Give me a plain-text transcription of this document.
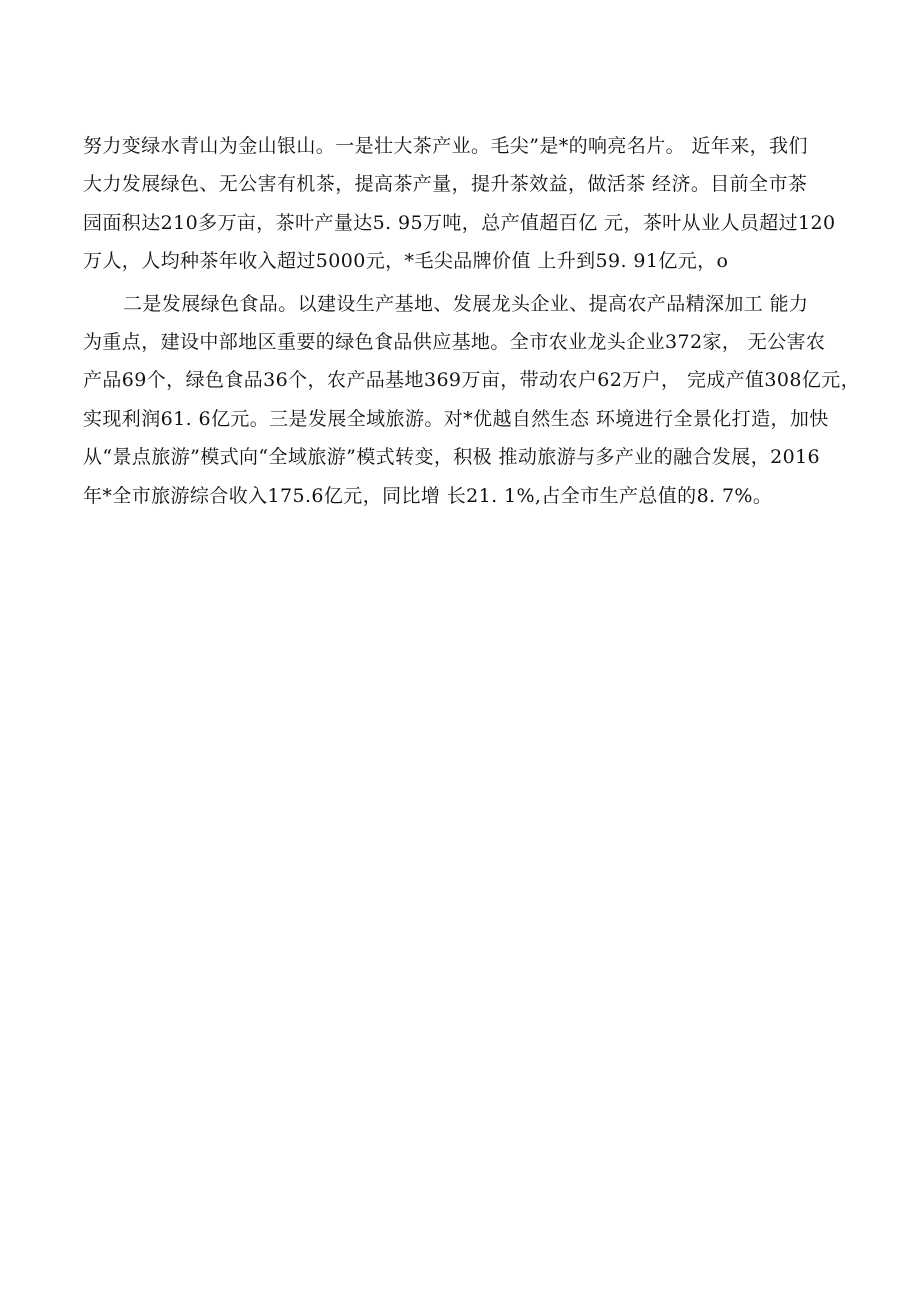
努力变绿水青山为金山银山。一是壮大茶产业。毛尖”是*的响亮名片。 近年来，我们
大力发展绿色、无公害有机茶，提高茶产量，提升茶效益，做活茶 经济。目前全市茶
园面积达210多万亩，茶叶产量达5. 95万吨，总产值超百亿 元，茶叶从业人员超过120
万人，人均种茶年收入超过5000元，*毛尖品牌价值 上升到59. 91亿元，o
二是发展绿色食品。以建设生产基地、发展龙头企业、提高农产品精深加工 能力
为重点，建设中部地区重要的绿色食品供应基地。全市农业龙头企业372家， 无公害农
产品69个，绿色食品36个，农产品基地369万亩，带动农户62万户， 完成产值308亿元，
实现利润61. 6亿元。三是发展全域旅游。对*优越自然生态 环境进行全景化打造，加快
从“景点旅游”模式向“全域旅游”模式转变，积极 推动旅游与多产业的融合发展，2016
年*全市旅游综合收入175.6亿元，同比增 长21. 1%,占全市生产总值的8. 7%。
